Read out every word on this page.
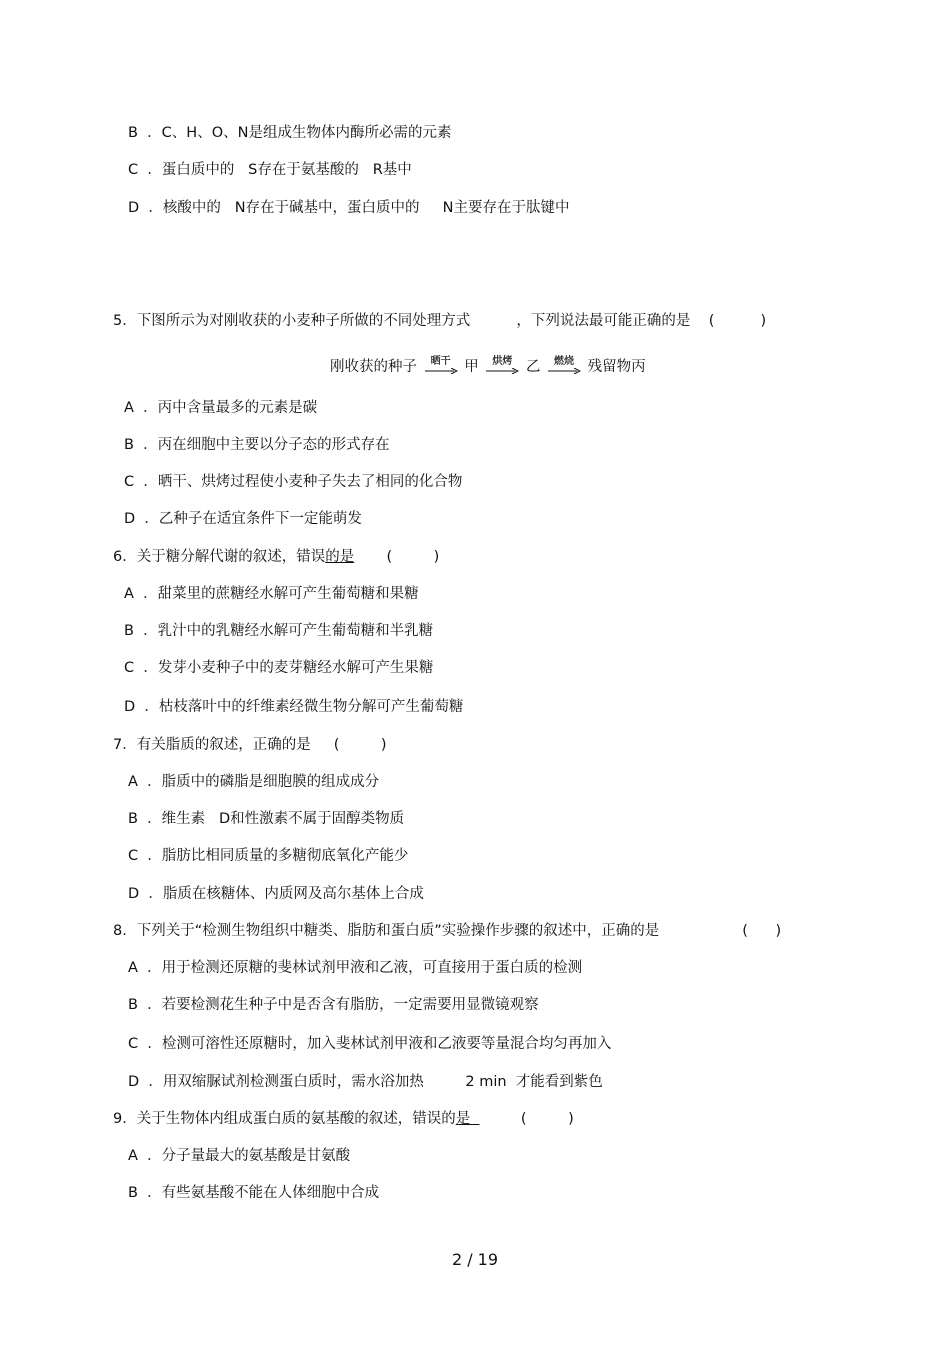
B  ．C、H、O、N是组成生物体内酶所必需的元素
C  ．蛋白质中的   S存在于氨基酸的   R基中
D  ．核酸中的   N存在于碱基中，蛋白质中的     N主要存在于肽键中
5．下图所示为对刚收获的小麦种子所做的不同处理方式          ，下列说法最可能正确的是    (          )
刚收获的种子	晒干 甲	烘烤 乙	燃烧 残留物丙
A  ．丙中含量最多的元素是碳
B  ．丙在细胞中主要以分子态的形式存在
C  ．晒干、烘烤过程使小麦种子失去了相同的化合物
D  ．乙种子在适宜条件下一定能萌发
6．关于糖分解代谢的叙述，错误的是       (         )
A  ．甜菜里的蔗糖经水解可产生葡萄糖和果糖
B  ．乳汁中的乳糖经水解可产生葡萄糖和半乳糖
C  ．发芽小麦种子中的麦芽糖经水解可产生果糖
D  ．枯枝落叶中的纤维素经微生物分解可产生葡萄糖
7．有关脂质的叙述，正确的是     (         )
A  ．脂质中的磷脂是细胞膜的组成成分
B  ．维生素   D和性激素不属于固醇类物质
C  ．脂肪比相同质量的多糖彻底氧化产能少
D  ．脂质在核糖体、内质网及高尔基体上合成
8．下列关于“检测生物组织中糖类、脂肪和蛋白质”实验操作步骤的叙述中，正确的是                  (      )
A  ．用于检测还原糖的斐林试剂甲液和乙液，可直接用于蛋白质的检测
B  ．若要检测花生种子中是否含有脂肪，一定需要用显微镜观察
C  ．检测可溶性还原糖时，加入斐林试剂甲液和乙液要等量混合均匀再加入
D  ．用双缩脲试剂检测蛋白质时，需水浴加热         2 min  才能看到紫色
9．关于生物体内组成蛋白质的氨基酸的叙述，错误的是           (         )
A  ．分子量最大的氨基酸是甘氨酸
B  ．有些氨基酸不能在人体细胞中合成
2 / 19
